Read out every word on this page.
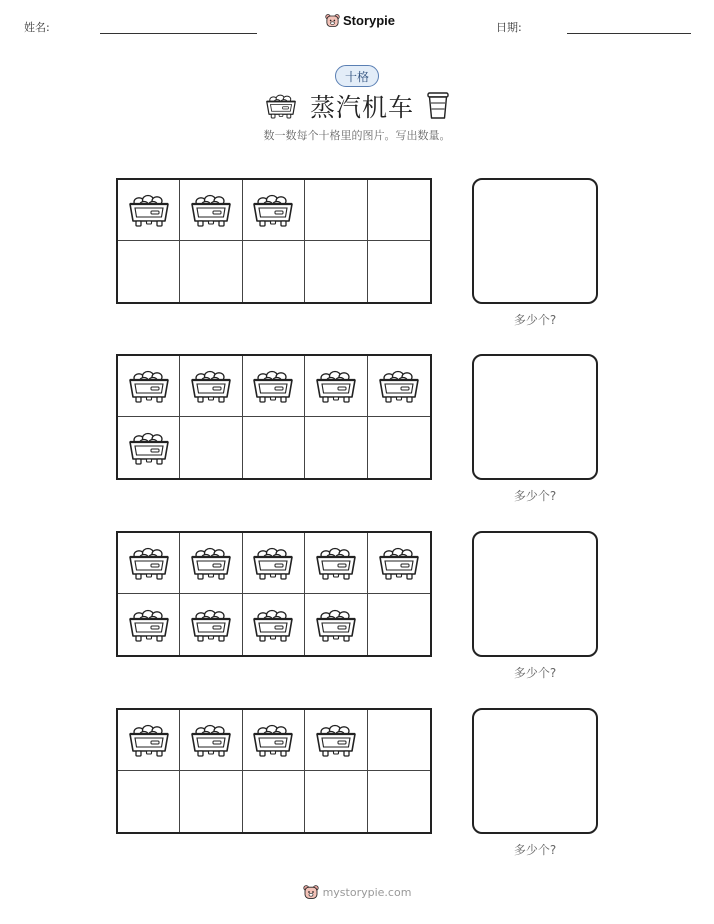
姓名:	Storypie	日期:
十格
蒸汽机车
数一数每个十格里的图片。写出数量。
多少个?
多少个?
多少个?
多少个?
mystorypie.com
